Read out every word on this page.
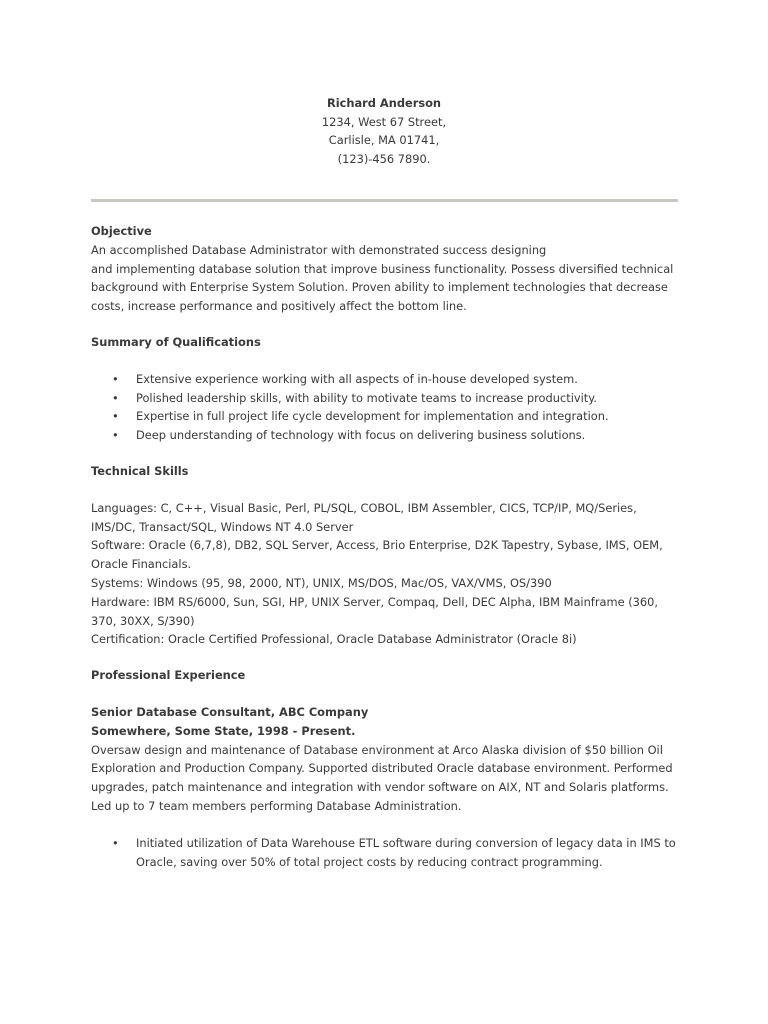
Richard Anderson
1234, West 67 Street,
Carlisle, MA 01741,
(123)-456 7890.
Objective
An accomplished Database Administrator with demonstrated success designing
and implementing database solution that improve business functionality. Possess diversified technical
background with Enterprise System Solution. Proven ability to implement technologies that decrease
costs, increase performance and positively affect the bottom line.
Summary of Qualifications
• Extensive experience working with all aspects of in-house developed system.
• Polished leadership skills, with ability to motivate teams to increase productivity.
• Expertise in full project life cycle development for implementation and integration.
• Deep understanding of technology with focus on delivering business solutions.
Technical Skills
Languages: C, C++, Visual Basic, Perl, PL/SQL, COBOL, IBM Assembler, CICS, TCP/IP, MQ/Series,
IMS/DC, Transact/SQL, Windows NT 4.0 Server
Software: Oracle (6,7,8), DB2, SQL Server, Access, Brio Enterprise, D2K Tapestry, Sybase, IMS, OEM,
Oracle Financials.
Systems: Windows (95, 98, 2000, NT), UNIX, MS/DOS, Mac/OS, VAX/VMS, OS/390
Hardware: IBM RS/6000, Sun, SGI, HP, UNIX Server, Compaq, Dell, DEC Alpha, IBM Mainframe (360,
370, 30XX, S/390)
Certification: Oracle Certified Professional, Oracle Database Administrator (Oracle 8i)
Professional Experience
Senior Database Consultant, ABC Company
Somewhere, Some State, 1998 - Present.
Oversaw design and maintenance of Database environment at Arco Alaska division of $50 billion Oil
Exploration and Production Company. Supported distributed Oracle database environment. Performed
upgrades, patch maintenance and integration with vendor software on AIX, NT and Solaris platforms.
Led up to 7 team members performing Database Administration.
• Initiated utilization of Data Warehouse ETL software during conversion of legacy data in IMS to
Oracle, saving over 50% of total project costs by reducing contract programming.
